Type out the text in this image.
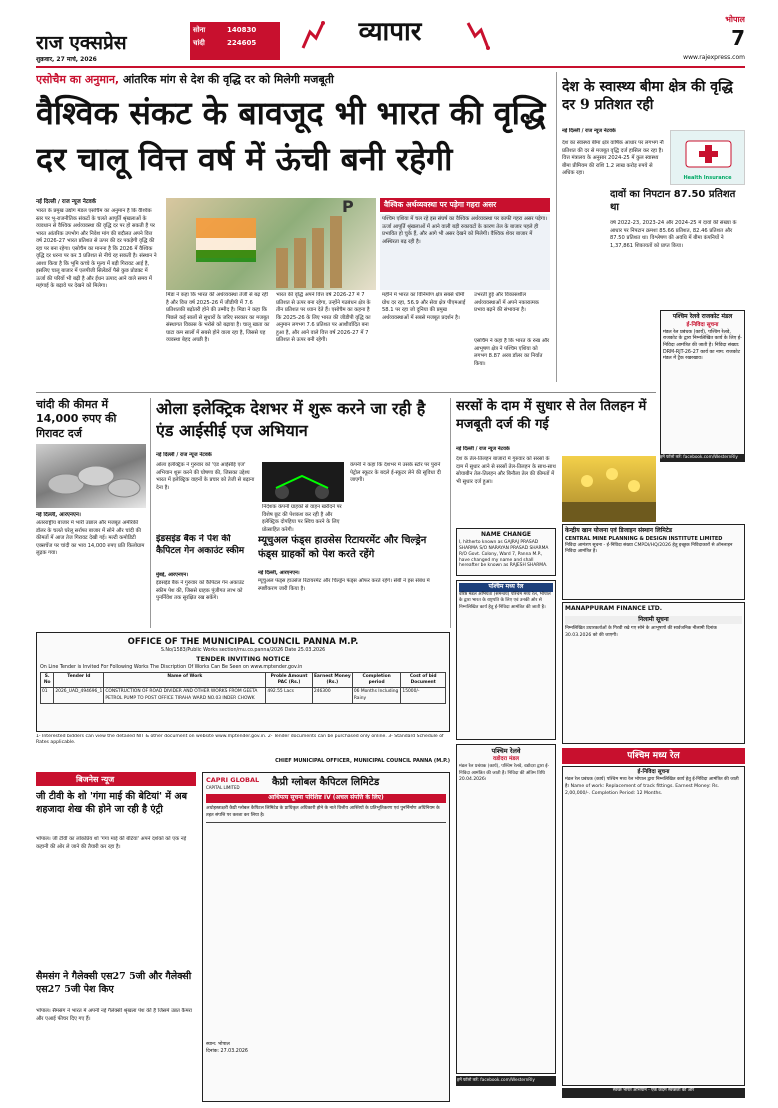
राज एक्सप्रेस
शुक्रवार, 27 मार्च, 2026
सोना	140830
चांदी	224605	व्यापार	भोपाल
7
www.rajexpress.com
एसोचैम का अनुमान, आंतरिक मांग से देश की वृद्धि दर को मिलेगी मजबूती
वैश्विक संकट के बावजूद भी भारत की वृद्धि दर चालू वित्त वर्ष में ऊंची बनी रहेगी
नई दिल्ली / राज न्यूज नेटवर्क
भारत के प्रमुख उद्योग मंडल एसोचैम का अनुमान है कि वैश्विक स्तर पर भू-राजनीतिक संकटों के चलते आपूर्ति श्रृंखलाओं के व्यवधान से वैश्विक अर्थव्यवस्था की वृद्धि दर पर हो सकती है पर भारत आंतरिक उपभोग और निवेश मांग की बदौलत अपने वित्त वर्ष 2026-27 भारत प्रतिशत से ऊपर की दर पकड़ेगी वृद्धि की रहा पर बना रहेगा। एसोचैम का मानना है कि 2026 में वैश्विक वृद्धि दर धरना पर कर 3 प्रतिशत से नीचे रह सकती है। संस्थान ने आशा किया है कि भूमि कच्चे के मूल्य में बड़ी गिरावट आई है, इसलिए चालू बाजार में एलपीजी सिलेंडरों पैसे कुछ प्रोडक्ट में ऊर्जा की परियों भी बढ़ी है और ईंधन उत्पाद आने वाले समय में महंगाई के बढ़ावे पर देखने को मिलेगा।
P
मिडा ने कहा कि भारत की अर्थव्यवस्था तेजी से बढ़ रही है और वित्त वर्ष 2025-26 में जीडीपी में 7.6 प्रतिशतकी बढ़ोतरी होने की उम्मीद है। मिडा ने कहा कि पिछले कई सालों से सुधारों के जरिए सरकार का मजबूत संस्थागत विकास के भरोसे को बढ़ाया है। चालू खाता का घाटा कम सालों में सबसे होने वाला रहा है, जिससे यह व्यवस्था बेहद अच्छी है।
भारत की वृद्धि अपने वित्त वर्ष 2026-27 में 7 प्रतिशत से ऊपर बना रहेगा, उन्होंने गठबंधन क्षेत्र के तीन प्रतिशत पर ध्यान देते हैं। एसोचैम का कहना है कि 2025-26 के लिए भारत की जीडीपी वृद्धि का अनुमान लगभग 7.6 प्रतिशत पर आशीर्वादित बना हुआ है, और आने वाले वित्त वर्ष 2026-27 में 7 प्रतिशत से ऊपर बनी रहेगी।
महीने में भारत का विनिर्माण क्षेत्र सबसे धीमी ग्रोथ दर रहा, 56.9 और सेवा क्षेत्र पीएमआई 58.1 पर रहा जो दुनिया की प्रमुख अर्थव्यवस्थाओं में सबसे मजबूत प्रदर्शन है।
वैश्विक अर्थव्यवस्था पर पड़ेगा गहरा असर
पश्चिम एशिया में चल रहे इस संघर्ष का वैश्विक अर्थव्यवस्था पर काफी गहरा असर पड़ेगा। ऊर्जा आपूर्ति श्रृंखलाओं में आने वाली बड़ी रुकावटों के कारण तेल के बाजार पहले ही प्रभावित हो चुके हैं, और आगे भी असर देखने को मिलेगी। वैश्विक शेयर बाजार में अस्थिरता बढ़ रही है।
उभरती हुई और विकासशील अर्थव्यवस्थाओं में अपने नकारात्मक प्रभाव बढ़ने की संभावना है।
एसोचैम ने कहा है कि भारत के रुख और आभूषण क्षेत्र ने पश्चिम एशिया को लगभग 8.87 अरब डॉलर का निर्यात किया।
देश के स्वास्थ्य बीमा क्षेत्र की वृद्धि दर 9 प्रतिशत रही
नई दिल्ली / राज न्यूज नेटवर्क
देश का स्वास्थ्य बीमा क्षेत्र वार्षिक आधार पर लगभग नौ प्रतिशत की दर से मजबूत वृद्धि दर्ज हासिल कर रहा है। वित्त मंत्रालय के अनुसार 2024-25 में कुल स्वास्थ्य बीमा प्रीमियम की राशि 1.2 लाख करोड़ रुपये से अधिक रहा।
Health Insurance
दावों का निपटान 87.50 प्रतिशत था
वर्ष 2022-23, 2023-24 और 2024-25 में दावों की संख्या के आधार पर निपटान क्रमशः 85.66 प्रतिशत, 82.46 प्रतिशत और 87.50 प्रतिशत था। विश्लेषण की अवधि में बीमा कंपनियों ने 1,37,861 शिकायतों को प्राप्त किया।
पश्चिम रेलवे राजकोट मंडल
ई-निविदा सूचना
मंडल रेल प्रबंधक (कार्य), पश्चिम रेलवे, राजकोट के द्वारा निम्नलिखित कार्य के लिए ई-निविदा आमंत्रित की जाती है। निविदा संख्या: DRM-RJT-26-27 कार्य का नाम: राजकोट मंडल में ट्रैक रखरखाव।
हमें फॉलो करें: facebook.com/WesternRly
चांदी की कीमत में 14,000 रुपए की गिरावट दर्ज
नई दिल्ली, आरएनएन।
अंतरराष्ट्रीय बाजार में भारी उछाल और मजबूत अमेरिकी डॉलर के चलते घरेलू सर्राफा बाजार में सोने और चांदी की कीमतों में आज तेज गिरावट देखी गई। मल्टी कमोडिटी एक्सचेंज पर चांदी का भाव 14,000 रुपए प्रति किलोग्राम लुढ़क गया।
ओला इलेक्ट्रिक देशभर में शुरू करने जा रही है एंड आईसीई एज अभियान
नई दिल्ली / राज न्यूज नेटवर्क
ओला इलेक्ट्रिक ने गुरुवार को 'एंड आईसीई एज' अभियान शुरू करने की घोषणा की, जिसका उद्देश्य भारत में इलेक्ट्रिक वाहनों के प्रचार को तेजी से बढ़ाना देना है।
निर्देशक कंपनी ग्राहकों से वाहन खरीदने पर विशेष छूट की पेशकश कर रही है और इलेक्ट्रिक दोपहिया पर स्विच करने के लिए प्रोत्साहित करेगी।
कंपनी ने कहा कि देशभर में उसके स्टोर पर पुराने पेट्रोल स्कूटर के बदले ई-स्कूटर लेने की सुविधा दी जाएगी।
इंडसइंड बैंक ने पेश की कैपिटल गेन अकाउंट स्कीम
मुंबई, आरएनएन।
इंडसइंड बैंक ने गुरुवार को कैपिटल गेन अकाउंट स्कीम पेश की, जिससे ग्राहक पूंजीगत लाभ को पुनर्निवेश तक सुरक्षित रख सकेंगे।
म्यूचुअल फंड्स हाउसेस रिटायरमेंट और चिल्ड्रेन फंड्स ग्राहकों को पेश करते रहेंगे
नई दिल्ली, आरएनएन।
म्यूचुअल फंड्स हाउसेज रिटायरमेंट और चिल्ड्रेन फंड्स ऑफर करते रहेंगे। सेबी ने इस संबंध में स्पष्टीकरण जारी किया है।
सरसों के दाम में सुधार से तेल तिलहन में मजबूती दर्ज की गई
नई दिल्ली / राज न्यूज नेटवर्क
देश के तेल-तिलहन बाजारों में गुरुवार को सरसों के दाम में सुधार आने से सरसों तेल-तिलहन के साथ-साथ सोयाबीन तेल-तिलहन और बिनौला तेल की कीमतों में भी सुधार दर्ज हुआ।
NAME CHANGE
I, hitherto known as GAJRAJ PRASAD SHARMA S/O NARAYAN PRASAD SHARMA R/O Govt. Colony, Ward 7, Panna M.P., have changed my name and shall hereafter be known as RAJESH SHARMA.
केन्द्रीय खान योजना एवं डिजाइन संस्थान लिमिटेड
CENTRAL MINE PLANNING & DESIGN INSTITUTE LIMITED
निविदा आमंत्रण सूचना - ई-निविदा संख्या CMPDI/HQ/2026 हेतु इच्छुक निविदाकारों से ऑनलाइन निविदा आमंत्रित है।
MANAPPURAM FINANCE LTD.
निलामी सूचना
निम्नलिखित उधारकर्ताओं के गिरवी रखे गए सोने के आभूषणों की सार्वजनिक नीलामी दिनांक 30.03.2026 को की जाएगी।
पश्चिम मध्य रेल
वरिष्ठ मंडल अभियंता (समन्वय) पश्चिम मध्य रेल, भोपाल के द्वारा भारत के राष्ट्रपति के लिए एवं उनकी ओर से निम्नलिखित कार्य हेतु ई-निविदा आमंत्रित की जाती है।
OFFICE OF THE MUNICIPAL COUNCIL PANNA M.P.
S.No/1583/Public Works section/mu.co.panna/2026 Date 25.03.2026
TENDER INVITING NOTICE
On Line Tender is Invited For Following Works The Discription Of Works Can Be Seen on www.mptender.gov.in
S. No	Tender Id	Name of Work	Proble Amount PAC (Rs.)	Earnest Money (Rs.)	Completion period	Cost of bid Document
01	2026_UAD_494696_1	CONSTRUCTION OF ROAD DIVIDER AND OTHER WORKS FROM GEETA PETROL PUMP TO POST OFFICE TIRAHA WARD NO.03 INDER CHOWK	492.55 Lacs	246300	06 Months Including Rainy	15000/-
1- Interested bidders can view the detailed NIT & other document on website www.mptender.gov.in. 2- Tender documents can be purchased only online. 3- Standard Schedule of Rates applicable.
CHIEF MUNICIPAL OFFICER, MUNICIPAL COUNCIL PANNA (M.P.)
बिजनेस न्यूज
जी टीवी के शो 'गंगा माई की बेटियां' में अब शहजादा शेख की होने जा रही है एंट्री
भोपाल। जी टीवी का लोकप्रिय शो 'गंगा माई की बेटियां' अपने दर्शकों को एक नई कहानी की ओर ले जाने की तैयारी कर रहा है।
सैमसंग ने गैलेक्सी एस27 5जी और गैलेक्सी एस27 5जी पेश किए
भोपाल। सैमसंग ने भारत में अपनी नई गैलेक्सी श्रृंखला पेश की है जिसमें उन्नत कैमरा और एआई फीचर दिए गए हैं।
CAPRI GLOBAL
CAPITAL LIMITED	कैप्री ग्लोबल कैपिटल लिमिटेड
आधिपत्य सूचना परिशिष्ट IV (अचल संपत्ति के लिए)
अधोहस्ताक्षरी कैप्री ग्लोबल कैपिटल लिमिटेड के प्राधिकृत अधिकारी होने के नाते वित्तीय आस्तियों के प्रतिभूतिकरण एवं पुनर्निर्माण अधिनियम के तहत संपत्ति पर कब्जा कर लिया है।
स्थान: भोपाल
दिनांक: 27.03.2026
पश्चिम रेलवे
वडोदरा मंडल
मंडल रेल प्रबंधक (कार्य), पश्चिम रेलवे, वडोदरा द्वारा ई-निविदा आमंत्रित की जाती है। निविदा की अंतिम तिथि 20.04.2026।
हमें फॉलो करें: facebook.com/WesternRly
पश्चिम मध्य रेल
ई-निविदा सूचना
मंडल रेल प्रबंधक (कार्य) पश्चिम मध्य रेल भोपाल द्वारा निम्नलिखित कार्य हेतु ई-निविदा आमंत्रित की जाती है। Name of work: Replacement of track fittings. Earnest Money: Rs. 2,00,000/-. Completion Period: 12 Months.
स्वच्छ भारत अभियान - एक कदम स्वच्छता की ओर
